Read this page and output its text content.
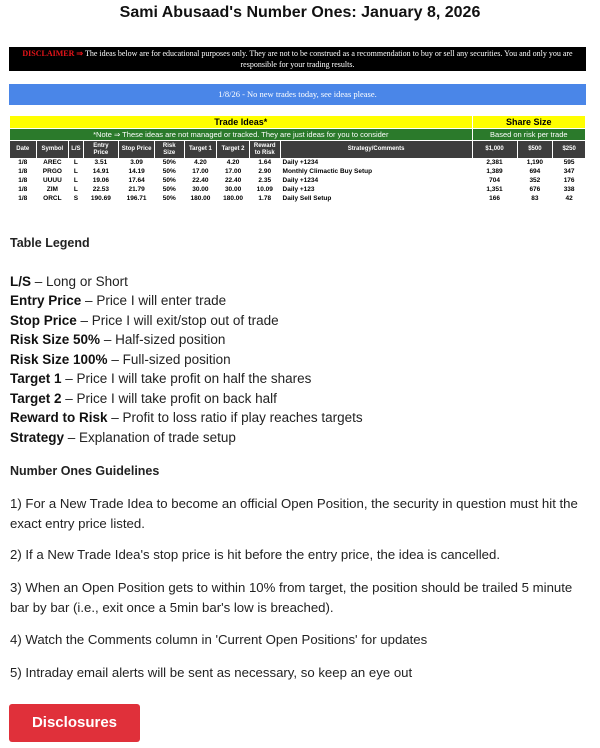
Sami Abusaad's Number Ones: January 8, 2026
DISCLAIMER ⇒ The ideas below are for educational purposes only. They are not to be construed as a recommendation to buy or sell any securities. You and only you are responsible for your trading results.
1/8/26 - No new trades today, see ideas please.
Trade Ideas*										Share Size		
*Note ⇒ These ideas are not managed or tracked. They are just ideas for you to consider										Based on risk per trade		
Date	Symbol	L/S	Entry Price	Stop Price	Risk Size	Target 1	Target 2	Reward to Risk	Strategy/Comments	$1,000	$500	$250
1/8	AREC	L	3.51	3.09	50%	4.20	4.20	1.64	Daily +1234	2,381	1,190	595
1/8	PRGO	L	14.91	14.19	50%	17.00	17.00	2.90	Monthly Climactic Buy Setup	1,389	694	347
1/8	UUUU	L	19.06	17.64	50%	22.40	22.40	2.35	Daily +1234	704	352	176
1/8	ZIM	L	22.53	21.79	50%	30.00	30.00	10.09	Daily +123	1,351	676	338
1/8	ORCL	S	190.69	196.71	50%	180.00	180.00	1.78	Daily Sell Setup	166	83	42
Table Legend
L/S – Long or Short
Entry Price – Price I will enter trade
Stop Price – Price I will exit/stop out of trade
Risk Size 50% – Half-sized position
Risk Size 100% – Full-sized position
Target 1 – Price I will take profit on half the shares
Target 2 – Price I will take profit on back half
Reward to Risk – Profit to loss ratio if play reaches targets
Strategy – Explanation of trade setup
Number Ones Guidelines
1) For a New Trade Idea to become an official Open Position, the security in question must hit the exact entry price listed.
2) If a New Trade Idea's stop price is hit before the entry price, the idea is cancelled.
3) When an Open Position gets to within 10% from target, the position should be trailed 5 minute bar by bar (i.e., exit once a 5min bar's low is breached).
4) Watch the Comments column in 'Current Open Positions' for updates
5) Intraday email alerts will be sent as necessary, so keep an eye out
Disclosures
